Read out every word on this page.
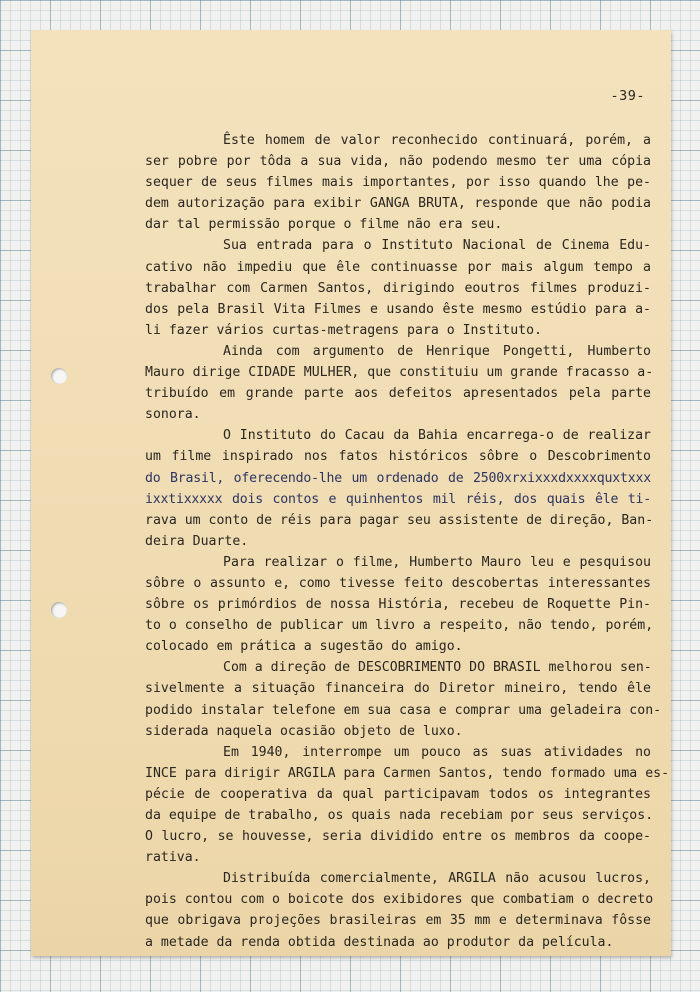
-39-

Êste homem de valor reconhecido continuará, porém, a
ser pobre por tôda a sua vida, não podendo mesmo ter uma cópia
sequer de seus filmes mais importantes, por isso quando lhe pe-
dem autorização para exibir GANGA BRUTA, responde que não podia
dar tal permissão porque o filme não era seu.

Sua entrada para o Instituto Nacional de Cinema Edu-
cativo não impediu que êle continuasse por mais algum tempo a
trabalhar com Carmen Santos, dirigindo eoutros filmes produzi-
dos pela Brasil Vita Filmes e usando êste mesmo estúdio para a-
li fazer vários curtas-metragens para o Instituto.

Ainda com argumento de Henrique Pongetti, Humberto
Mauro dirige CIDADE MULHER, que constituiu um grande fracasso a-
tribuído em grande parte aos defeitos apresentados pela parte
sonora.

O Instituto do Cacau da Bahia encarrega-o de realizar
um filme inspirado nos fatos históricos sôbre o Descobrimento
do Brasil, oferecendo-lhe um ordenado de 2500xrxixxxdxxxxquxtxxx
ixxtixxxxx dois contos e quinhentos mil réis, dos quais êle ti-
rava um conto de réis para pagar seu assistente de direção, Ban-
deira Duarte.

Para realizar o filme, Humberto Mauro leu e pesquisou
sôbre o assunto e, como tivesse feito descobertas interessantes
sôbre os primórdios de nossa História, recebeu de Roquette Pin-
to o conselho de publicar um livro a respeito, não tendo, porém,
colocado em prática a sugestão do amigo.

Com a direção de DESCOBRIMENTO DO BRASIL melhorou sen-
sivelmente a situação financeira do Diretor mineiro, tendo êle
podido instalar telefone em sua casa e comprar uma geladeira con-
siderada naquela ocasião objeto de luxo.

Em 1940, interrompe um pouco as suas atividades no
INCE para dirigir ARGILA para Carmen Santos, tendo formado uma es-
pécie de cooperativa da qual participavam todos os integrantes
da equipe de trabalho, os quais nada recebiam por seus serviços.
O lucro, se houvesse, seria dividido entre os membros da coope-
rativa.

Distribuída comercialmente, ARGILA não acusou lucros,
pois contou com o boicote dos exibidores que combatiam o decreto
que obrigava projeções brasileiras em 35 mm e determinava fôsse
a metade da renda obtida destinada ao produtor da película.
